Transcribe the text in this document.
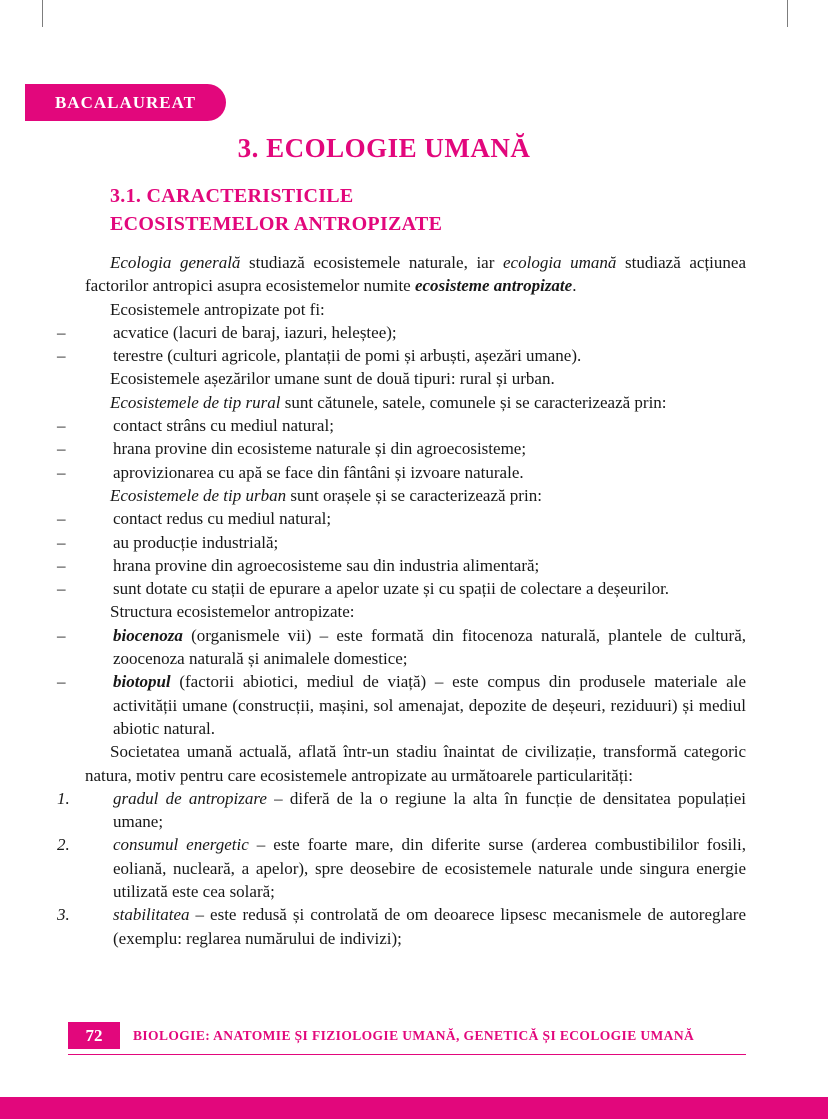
BACALAUREAT
3. ECOLOGIE UMANĂ
3.1. CARACTERISTICILE
ECOSISTEMELOR ANTROPIZATE

Ecologia generală studiază ecosistemele naturale, iar ecologia umană studiază acțiunea factorilor antropici asupra ecosistemelor numite ecosisteme antropizate.

Ecosistemele antropizate pot fi:

–	acvatice (lacuri de baraj, iazuri, heleștee);

–	terestre (culturi agricole, plantații de pomi și arbuști, așezări umane).

Ecosistemele așezărilor umane sunt de două tipuri: rural și urban.

Ecosistemele de tip rural sunt cătunele, satele, comunele și se caracterizează prin:

–	contact strâns cu mediul natural;

–	hrana provine din ecosisteme naturale și din agroecosisteme;

–	aprovizionarea cu apă se face din fântâni și izvoare naturale.

Ecosistemele de tip urban sunt orașele și se caracterizează prin:

–	contact redus cu mediul natural;

–	au producție industrială;

–	hrana provine din agroecosisteme sau din industria alimentară;

–	sunt dotate cu stații de epurare a apelor uzate și cu spații de colectare a deșeurilor.

Structura ecosistemelor antropizate:

–	biocenoza (organismele vii) – este formată din fitocenoza naturală, plantele de cultură, zoocenoza naturală și animalele domestice;

–	biotopul (factorii abiotici, mediul de viață) – este compus din produsele materiale ale activității umane (construcții, mașini, sol amenajat, depozite de deșeuri, reziduuri) și mediul abiotic natural.

Societatea umană actuală, aflată într-un stadiu înaintat de civilizație, transformă categoric natura, motiv pentru care ecosistemele antropizate au următoarele particularități:

1.	gradul de antropizare – diferă de la o regiune la alta în funcție de densitatea populației umane;

2.	consumul energetic – este foarte mare, din diferite surse (arderea combustibililor fosili, eoliană, nucleară, a apelor), spre deosebire de ecosistemele naturale unde singura energie utilizată este cea solară;

3.	stabilitatea – este redusă și controlată de om deoarece lipsesc mecanismele de autoreglare (exemplu: reglarea numărului de indivizi);

72	BIOLOGIE: ANATOMIE ȘI FIZIOLOGIE UMANĂ, GENETICĂ ȘI ECOLOGIE UMANĂ
